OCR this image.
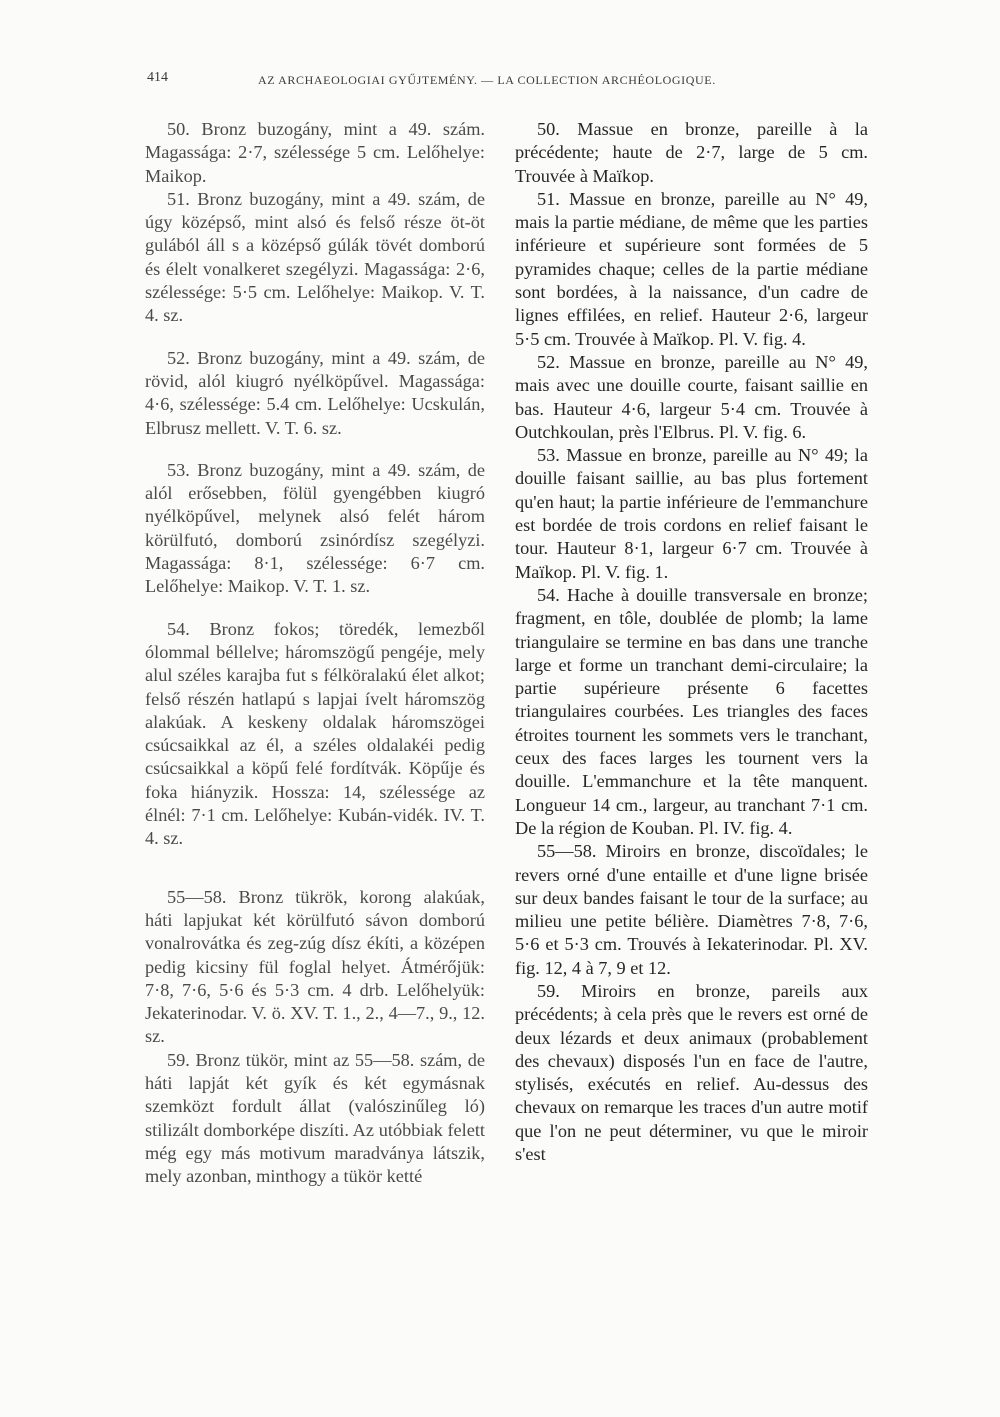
414	AZ ARCHAEOLOGIAI GYŰJTEMÉNY. — LA COLLECTION ARCHÉOLOGIQUE.

50. Bronz buzogány, mint a 49. szám. Magassága: 2·7, szélessége 5 cm. Lelőhelye: Maikop.

51. Bronz buzogány, mint a 49. szám, de úgy középső, mint alsó és felső része öt-öt gulából áll s a középső gúlák tövét domború és élelt vonalkeret szegélyzi. Magassága: 2·6, szélessége: 5·5 cm. Lelőhelye: Maikop. V. T. 4. sz.

52. Bronz buzogány, mint a 49. szám, de rövid, alól kiugró nyélköpűvel. Magassága: 4·6, szélessége: 5.4 cm. Lelőhelye: Ucskulán, Elbrusz mellett. V. T. 6. sz.

53. Bronz buzogány, mint a 49. szám, de alól erősebben, fölül gyengébben kiugró nyélköpűvel, melynek alsó felét három körülfutó, domború zsinórdísz szegélyzi. Magassága: 8·1, szélessége: 6·7 cm. Lelőhelye: Maikop. V. T. 1. sz.

54. Bronz fokos; töredék, lemezből ólommal béllelve; háromszögű pengéje, mely alul széles karajba fut s félköralakú élet alkot; felső részén hatlapú s lapjai ívelt háromszög alakúak. A keskeny oldalak háromszögei csúcsaikkal az él, a széles oldalakéi pedig csúcsaikkal a köpű felé fordítvák. Köpűje és foka hiányzik. Hossza: 14, szélessége az élnél: 7·1 cm. Lelőhelye: Kubán-vidék. IV. T. 4. sz.

55—58. Bronz tükrök, korong alakúak, háti lapjukat két körülfutó sávon domború vonalrovátka és zeg-zúg dísz ékíti, a középen pedig kicsiny fül foglal helyet. Átmérőjük: 7·8, 7·6, 5·6 és 5·3 cm. 4 drb. Lelőhelyük: Jekaterinodar. V. ö. XV. T. 1., 2., 4—7., 9., 12. sz.

59. Bronz tükör, mint az 55—58. szám, de háti lapját két gyík és két egymásnak szemközt fordult állat (valószinűleg ló) stilizált domborképe diszíti. Az utóbbiak felett még egy más motivum maradványa látszik, mely azonban, minthogy a tükör ketté

50. Massue en bronze, pareille à la précédente; haute de 2·7, large de 5 cm. Trouvée à Maïkop.

51. Massue en bronze, pareille au N° 49, mais la partie médiane, de même que les parties inférieure et supérieure sont formées de 5 pyramides chaque; celles de la partie médiane sont bordées, à la naissance, d'un cadre de lignes effilées, en relief. Hauteur 2·6, largeur 5·5 cm. Trouvée à Maïkop. Pl. V. fig. 4.

52. Massue en bronze, pareille au N° 49, mais avec une douille courte, faisant saillie en bas. Hauteur 4·6, largeur 5·4 cm. Trouvée à Outchkoulan, près l'Elbrus. Pl. V. fig. 6.

53. Massue en bronze, pareille au N° 49; la douille faisant saillie, au bas plus fortement qu'en haut; la partie inférieure de l'emmanchure est bordée de trois cordons en relief faisant le tour. Hauteur 8·1, largeur 6·7 cm. Trouvée à Maïkop. Pl. V. fig. 1.

54. Hache à douille transversale en bronze; fragment, en tôle, doublée de plomb; la lame triangulaire se termine en bas dans une tranche large et forme un tranchant demi-circulaire; la partie supérieure présente 6 facettes triangulaires courbées. Les triangles des faces étroites tournent les sommets vers le tranchant, ceux des faces larges les tournent vers la douille. L'emmanchure et la tête manquent. Longueur 14 cm., largeur, au tranchant 7·1 cm. De la région de Kouban. Pl. IV. fig. 4.

55—58. Miroirs en bronze, discoïdales; le revers orné d'une entaille et d'une ligne brisée sur deux bandes faisant le tour de la surface; au milieu une petite bélière. Diamètres 7·8, 7·6, 5·6 et 5·3 cm. Trouvés à Iekaterinodar. Pl. XV. fig. 12, 4 à 7, 9 et 12.

59. Miroirs en bronze, pareils aux précédents; à cela près que le revers est orné de deux lézards et deux animaux (probablement des chevaux) disposés l'un en face de l'autre, stylisés, exécutés en relief. Au-dessus des chevaux on remarque les traces d'un autre motif que l'on ne peut déterminer, vu que le miroir s'est
